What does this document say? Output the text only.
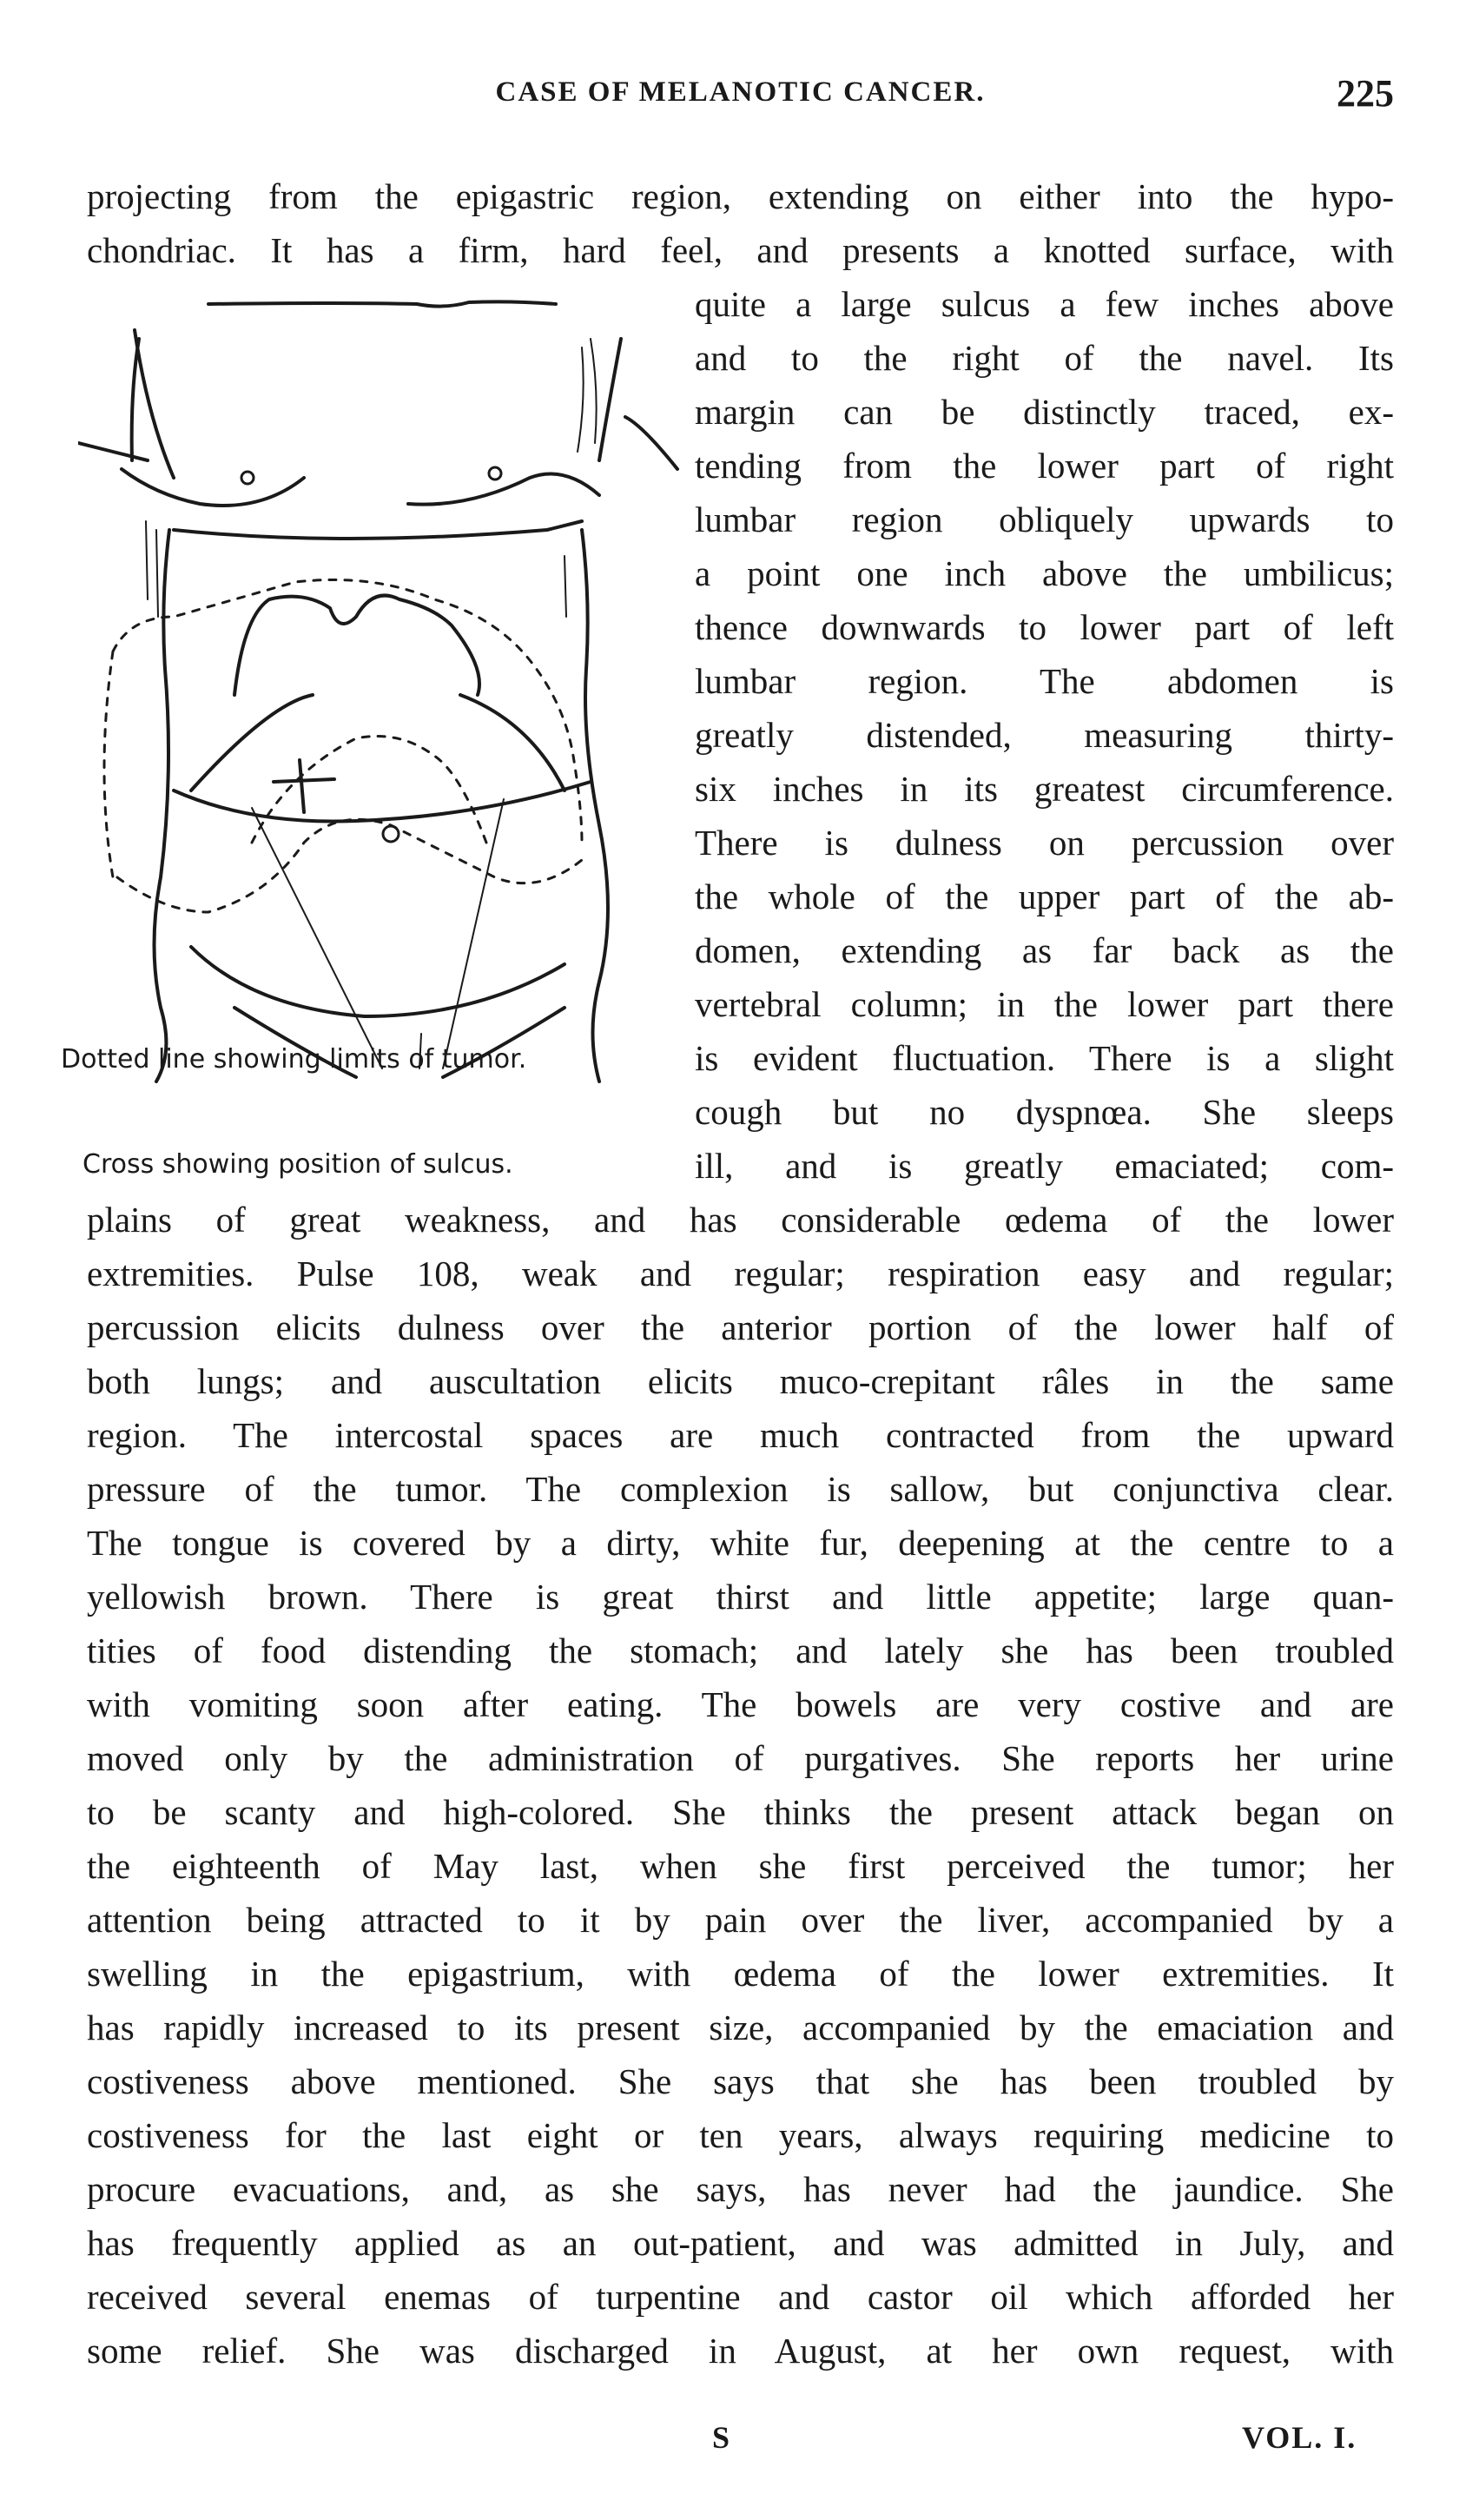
CASE OF MELANOTIC CANCER.	225
projecting from the epigastric region, extending on either into the hypo-
chondriac. It has a firm, hard feel, and presents a knotted surface, with
Dotted line showing limits of tumor.
Cross showing position of sulcus.
quite a large sulcus a few inches above
and to the right of the navel. Its
margin can be distinctly traced, ex-
tending from the lower part of right
lumbar region obliquely upwards to
a point one inch above the umbilicus;
thence downwards to lower part of left
lumbar region. The abdomen is
greatly distended, measuring thirty-
six inches in its greatest circumference.
There is dulness on percussion over
the whole of the upper part of the ab-
domen, extending as far back as the
vertebral column; in the lower part there
is evident fluctuation. There is a slight
cough but no dyspnœa. She sleeps
ill, and is greatly emaciated; com-
plains of great weakness, and has considerable œdema of the lower
extremities. Pulse 108, weak and regular; respiration easy and regular;
percussion elicits dulness over the anterior portion of the lower half of
both lungs; and auscultation elicits muco-crepitant râles in the same
region. The intercostal spaces are much contracted from the upward
pressure of the tumor. The complexion is sallow, but conjunctiva clear.
The tongue is covered by a dirty, white fur, deepening at the centre to a
yellowish brown. There is great thirst and little appetite; large quan-
tities of food distending the stomach; and lately she has been troubled
with vomiting soon after eating. The bowels are very costive and are
moved only by the administration of purgatives. She reports her urine
to be scanty and high-colored. She thinks the present attack began on
the eighteenth of May last, when she first perceived the tumor; her
attention being attracted to it by pain over the liver, accompanied by a
swelling in the epigastrium, with œdema of the lower extremities. It
has rapidly increased to its present size, accompanied by the emaciation and
costiveness above mentioned. She says that she has been troubled by
costiveness for the last eight or ten years, always requiring medicine to
procure evacuations, and, as she says, has never had the jaundice. She
has frequently applied as an out-patient, and was admitted in July, and
received several enemas of turpentine and castor oil which afforded her
some relief. She was discharged in August, at her own request, with
S	VOL. I.
